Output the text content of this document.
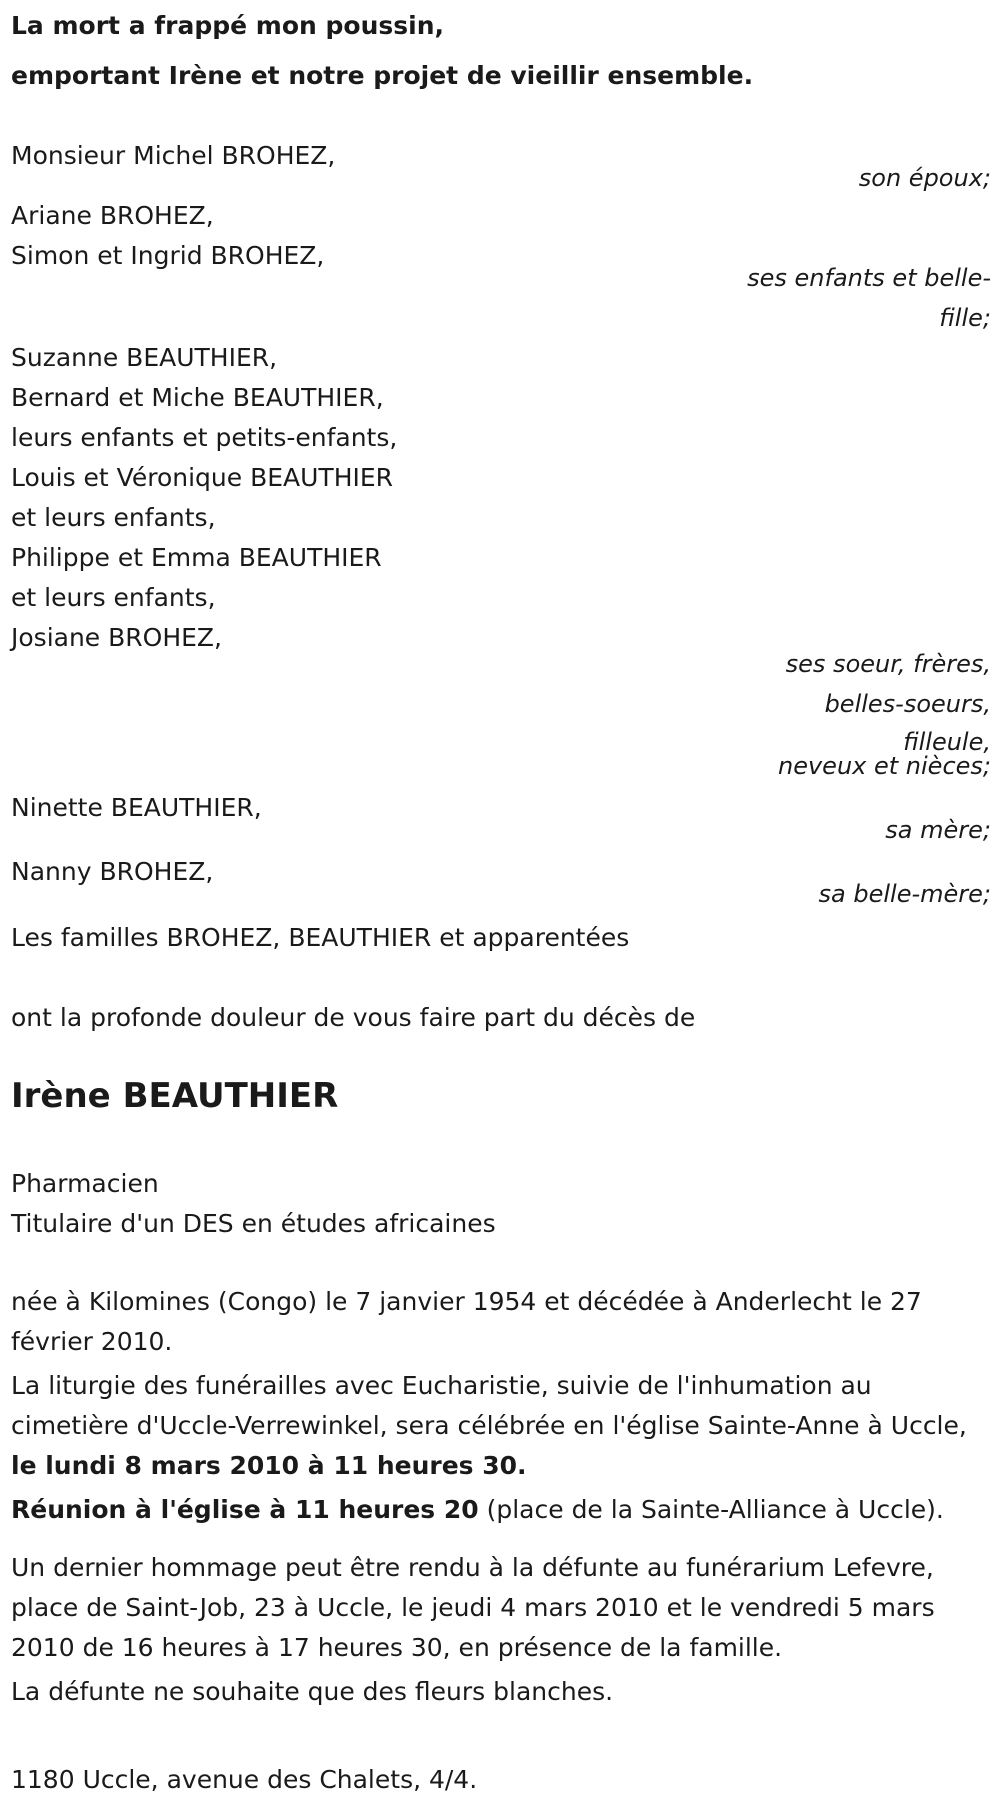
La mort a frappé mon poussin,
emportant Irène et notre projet de vieillir ensemble.
Monsieur Michel BROHEZ,
son époux;
Ariane BROHEZ,
Simon et Ingrid BROHEZ,
ses enfants et belle-
fille;
Suzanne BEAUTHIER,
Bernard et Miche BEAUTHIER,
leurs enfants et petits-enfants,
Louis et Véronique BEAUTHIER
et leurs enfants,
Philippe et Emma BEAUTHIER
et leurs enfants,
Josiane BROHEZ,
ses soeur, frères,
belles-soeurs,
filleule,
neveux et nièces;
Ninette BEAUTHIER,
sa mère;
Nanny BROHEZ,
sa belle-mère;
Les familles BROHEZ, BEAUTHIER et apparentées
ont la profonde douleur de vous faire part du décès de
Irène BEAUTHIER
Pharmacien
Titulaire d'un DES en études africaines
née à Kilomines (Congo) le 7 janvier 1954 et décédée à Anderlecht le 27 février 2010.
La liturgie des funérailles avec Eucharistie, suivie de l'inhumation au cimetière d'Uccle-Verrewinkel, sera célébrée en l'église Sainte-Anne à Uccle, le lundi 8 mars 2010 à 11 heures 30.
Réunion à l'église à 11 heures 20 (place de la Sainte-Alliance à Uccle).
Un dernier hommage peut être rendu à la défunte au funérarium Lefevre, place de Saint-Job, 23 à Uccle, le jeudi 4 mars 2010 et le vendredi 5 mars 2010 de 16 heures à 17 heures 30, en présence de la famille.
La défunte ne souhaite que des fleurs blanches.
1180 Uccle, avenue des Chalets, 4/4.
